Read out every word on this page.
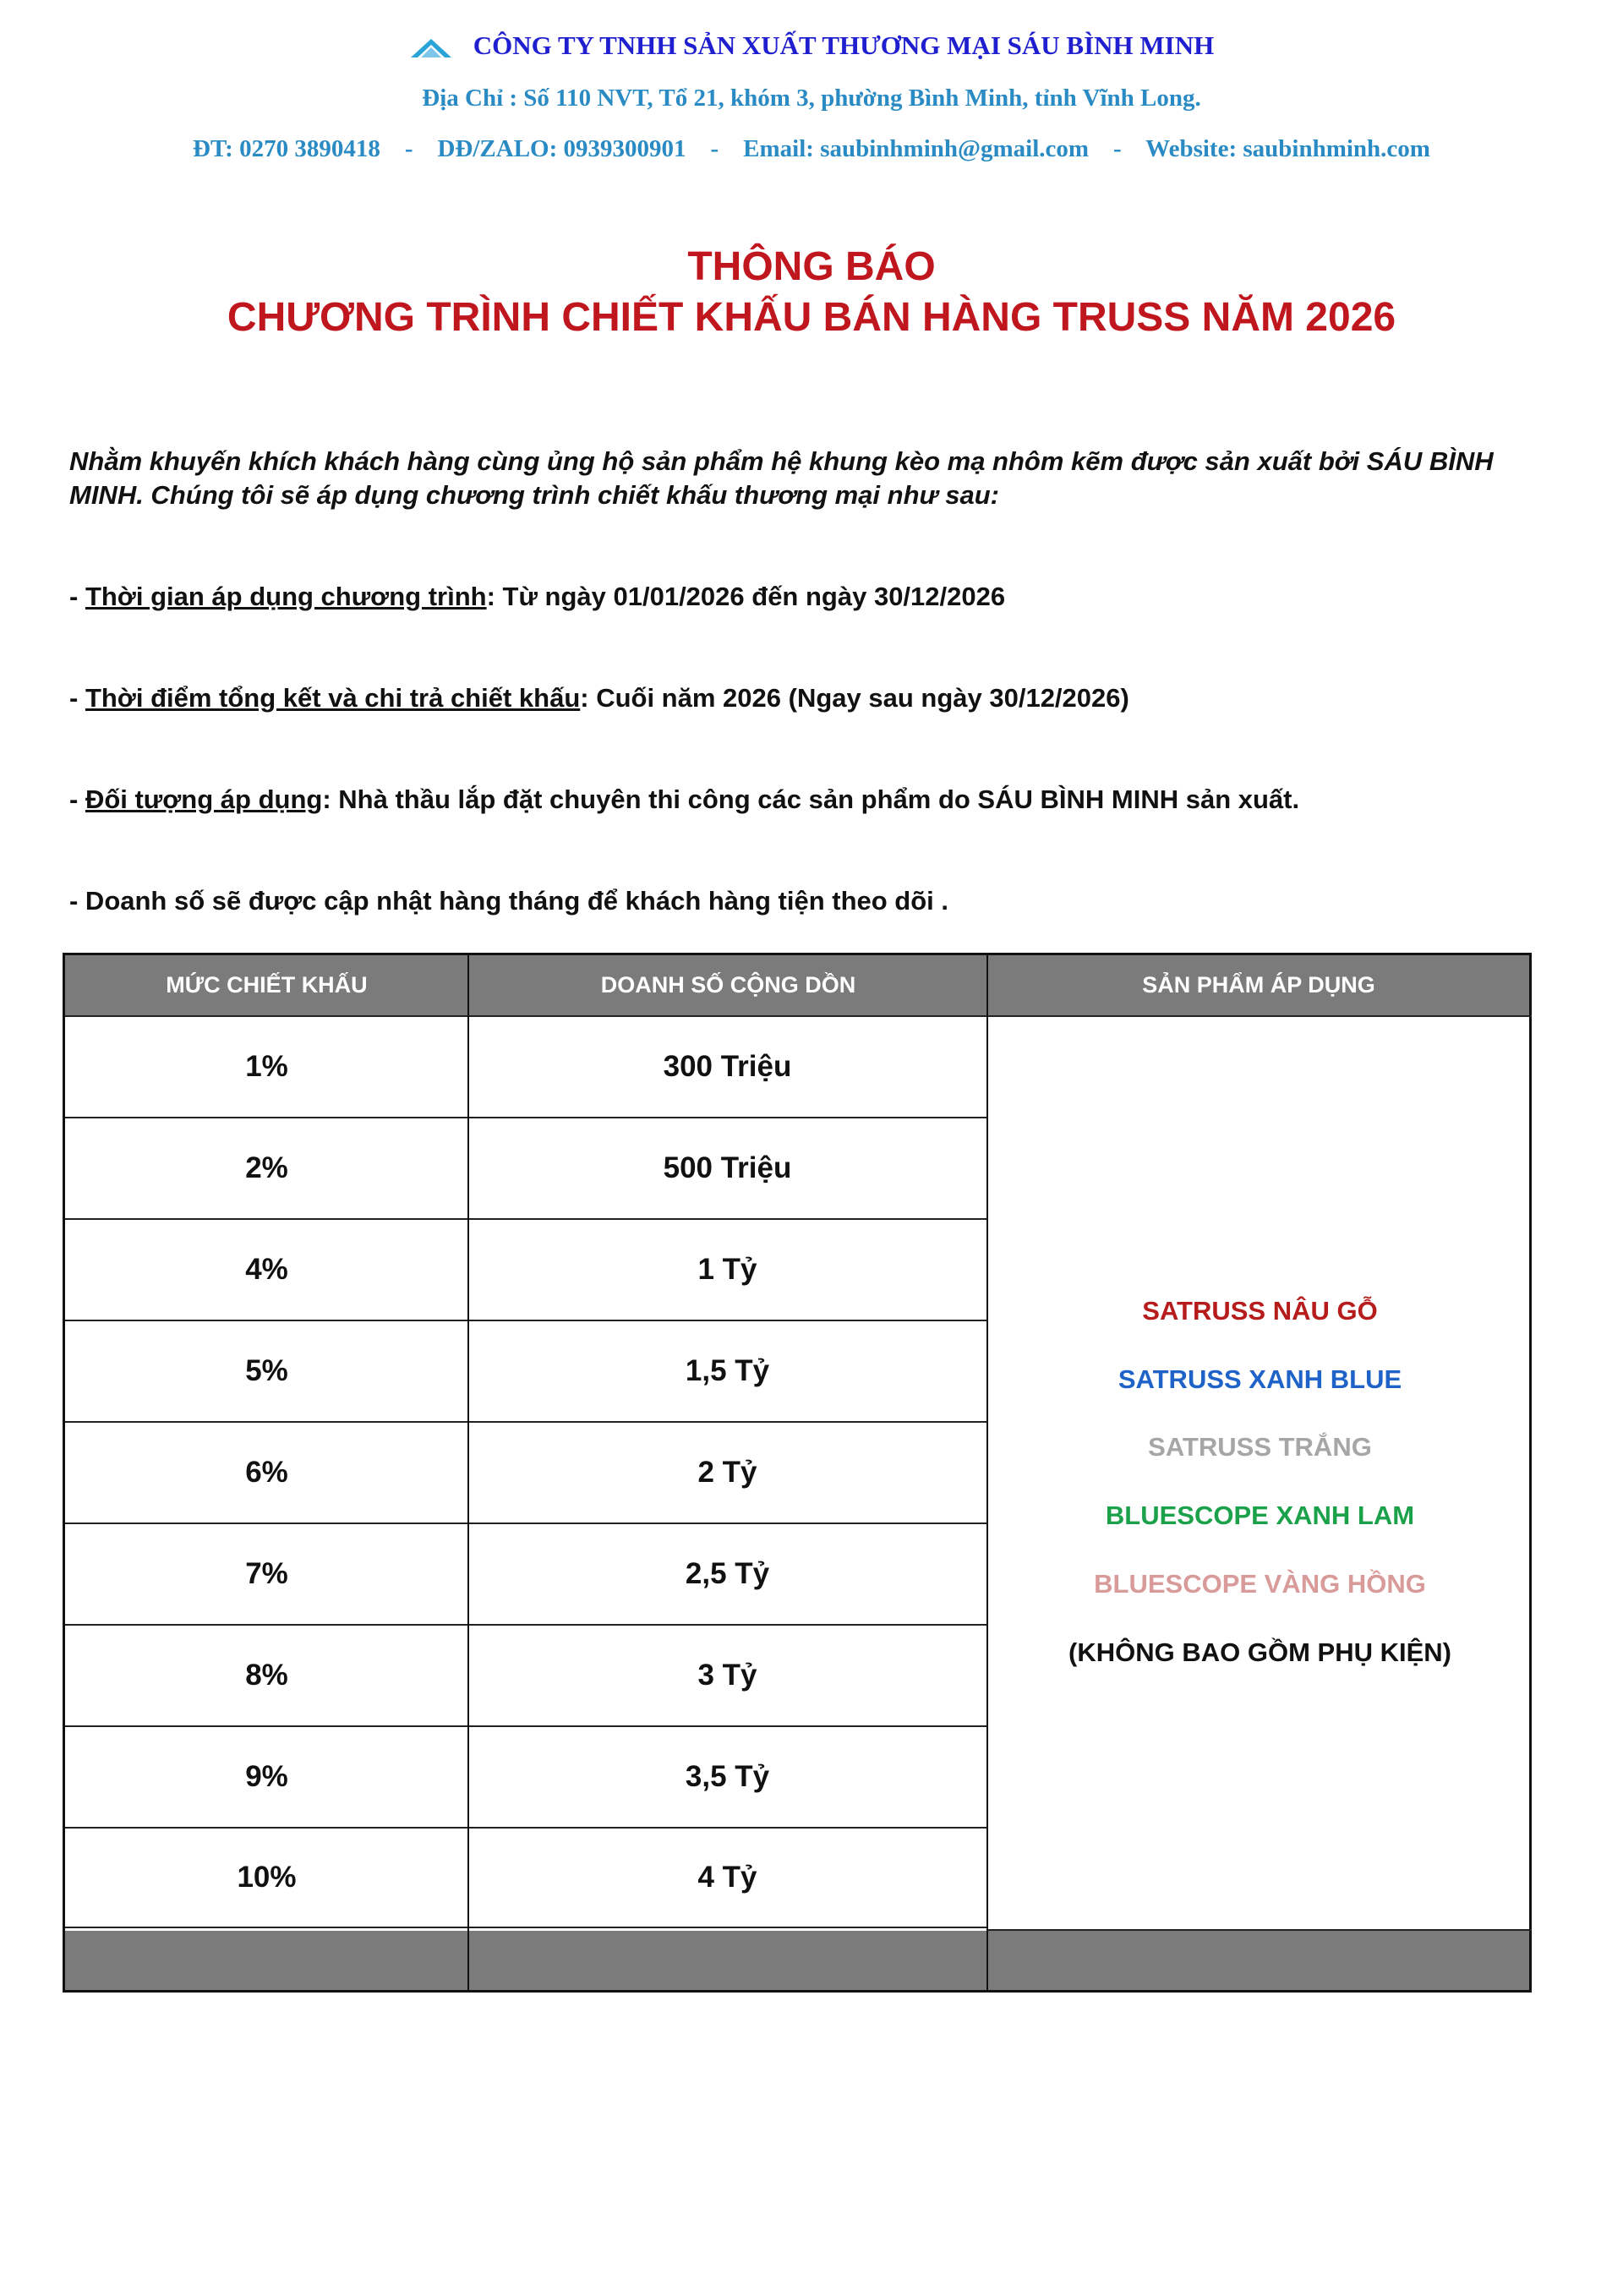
CÔNG TY TNHH SẢN XUẤT THƯƠNG MẠI SÁU BÌNH MINH
Địa Chỉ : Số 110 NVT, Tổ 21, khóm 3, phường Bình Minh, tỉnh Vĩnh Long.
ĐT: 0270 3890418    -    DĐ/ZALO: 0939300901    -    Email: saubinhminh@gmail.com    -    Website: saubinhminh.com
THÔNG BÁO
CHƯƠNG TRÌNH CHIẾT KHẤU BÁN HÀNG TRUSS NĂM 2026
Nhằm khuyến khích khách hàng cùng ủng hộ sản phẩm hệ khung kèo mạ nhôm kẽm được sản xuất bởi SÁU BÌNH MINH. Chúng tôi sẽ áp dụng chương trình chiết khấu thương mại như sau:
- Thời gian áp dụng chương trình: Từ ngày 01/01/2026 đến ngày 30/12/2026
- Thời điểm tổng kết và chi trả chiết khấu: Cuối năm 2026 (Ngay sau ngày 30/12/2026)
- Đối tượng áp dụng: Nhà thầu lắp đặt chuyên thi công các sản phẩm do SÁU BÌNH MINH sản xuất.
- Doanh số sẽ được cập nhật hàng tháng để khách hàng tiện theo dõi .
MỨC CHIẾT KHẤU	DOANH SỐ CỘNG DỒN	SẢN PHẨM ÁP DỤNG
1%	300 Triệu
2%	500 Triệu
4%	1 Tỷ
5%	1,5 Tỷ
6%	2 Tỷ
7%	2,5 Tỷ
8%	3 Tỷ
9%	3,5 Tỷ
10%	4 Tỷ
SATRUSS NÂU GỖ
SATRUSS XANH BLUE
SATRUSS TRẮNG
BLUESCOPE XANH LAM
BLUESCOPE VÀNG HỒNG
(KHÔNG BAO GỒM PHỤ KIỆN)
